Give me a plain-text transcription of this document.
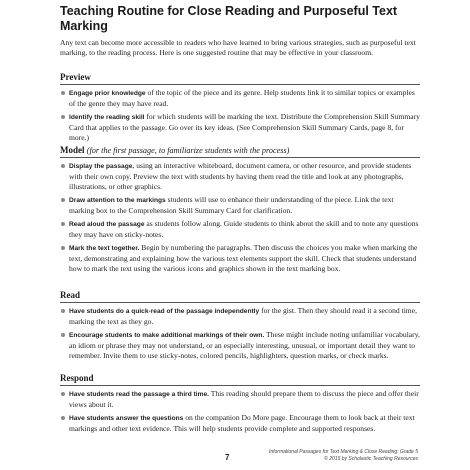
Teaching Routine for Close Reading and Purposeful Text Marking

Any text can become more accessible to readers who have learned to bring various strategies, such as purposeful text marking, to the reading process. Here is one suggested routine that may be effective in your classroom.

Preview
Engage prior knowledge of the topic of the piece and its genre. Help students link it to similar topics or examples of the genre they may have read.
Identify the reading skill for which students will be marking the text. Distribute the Comprehension Skill Summary Card that applies to the passage. Go over its key ideas. (See Comprehension Skill Summary Cards, page 8, for more.)
Model (for the first passage, to familiarize students with the process)
Display the passage, using an interactive whiteboard, document camera, or other resource, and provide students with their own copy. Preview the text with students by having them read the title and look at any photographs, illustrations, or other graphics.
Draw attention to the markings students will use to enhance their understanding of the piece. Link the text marking box to the Comprehension Skill Summary Card for clarification.
Read aloud the passage as students follow along. Guide students to think about the skill and to note any questions they may have on sticky-notes.
Mark the text together. Begin by numbering the paragraphs. Then discuss the choices you make when marking the text, demonstrating and explaining how the various text elements support the skill. Check that students understand how to mark the text using the various icons and graphics shown in the text marking box.
Read
Have students do a quick-read of the passage independently for the gist. Then they should read it a second time, marking the text as they go.
Encourage students to make additional markings of their own. These might include noting unfamiliar vocabulary, an idiom or phrase they may not understand, or an especially interesting, unusual, or important detail they want to remember. Invite them to use sticky-notes, colored pencils, highlighters, question marks, or check marks.
Respond
Have students read the passage a third time. This reading should prepare them to discuss the piece and offer their views about it.
Have students answer the questions on the companion Do More page. Encourage them to look back at their text markings and other text evidence. This will help students provide complete and supported responses.
7
Informational Passages for Text Marking & Close Reading: Grade 5
© 2015 by Scholastic Teaching Resources
